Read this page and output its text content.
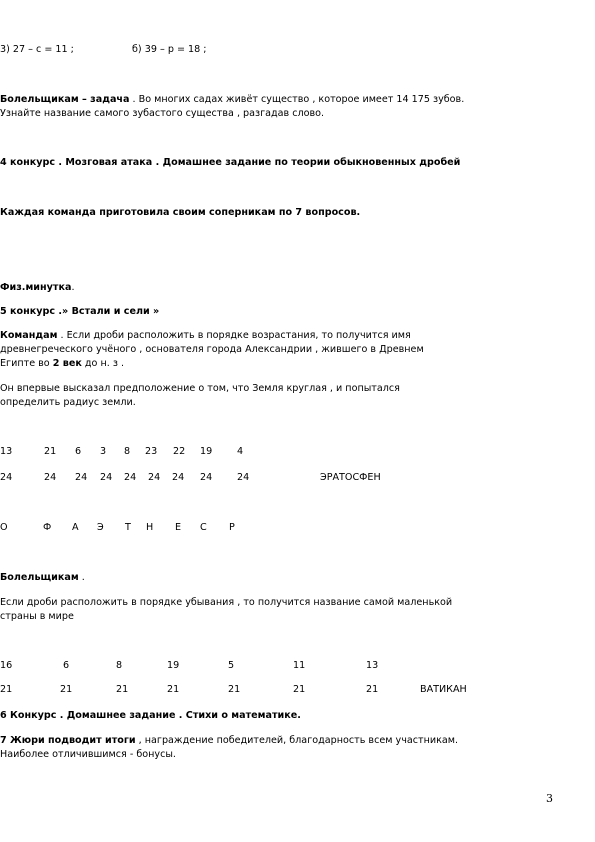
3) 27 – с = 11 ;	б) 39 – р = 18 ;
Болельщикам – задача . Во многих садах живёт существо , которое имеет 14 175 зубов.
Узнайте название самого зубастого существа , разгадав слово.
4 конкурс . Мозговая атака . Домашнее задание по теории обыкновенных дробей
Каждая команда приготовила своим соперникам по 7 вопросов.
Физ.минутка.
5 конкурс .» Встали и сели »
Командам . Если дроби расположить в порядке возрастания, то получится имя
древнегреческого учёного , основателя города Александрии , жившего в Древнем
Египте во 2 век до н. з .
Он впервые высказал предположение о том, что Земля круглая , и попытался
определить радиус земли.
13	21 6 3 8 23 22 19	4
24	24 24 24 24 24 24 24	24	ЭРАТОСФЕН
О	Ф А Э Т Н Е С Р
Болельщикам .
Если дроби расположить в порядке убывания , то получится название самой маленькой
страны в мире
16	6	8	19	5	11	13
21	21	21	21	21	21	21	ВАТИКАН
6 Конкурс . Домашнее задание . Стихи о математике.
7 Жюри подводит итоги , награждение победителей, благодарность всем участникам.
Наиболее отличившимся - бонусы.
3
